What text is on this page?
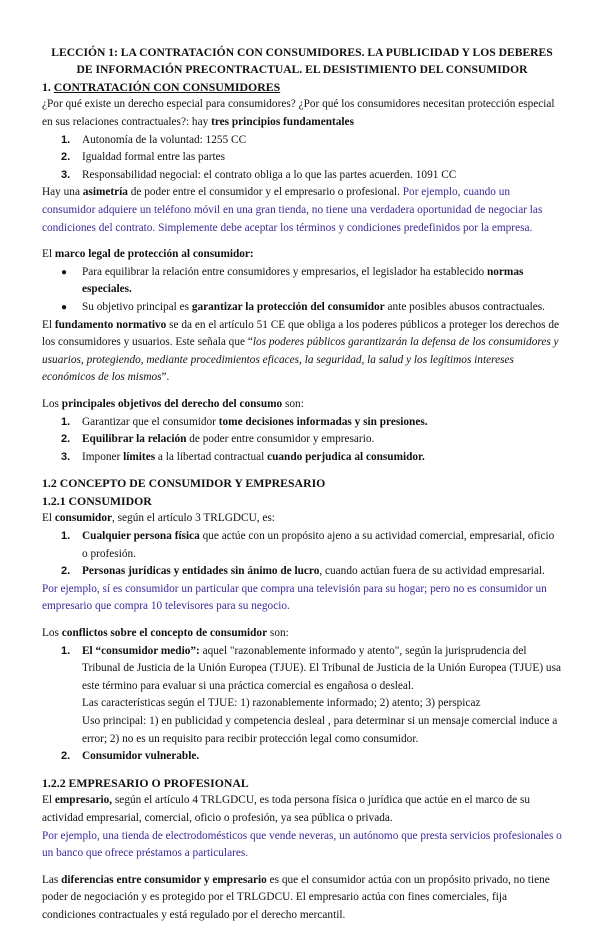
LECCIÓN 1: LA CONTRATACIÓN CON CONSUMIDORES. LA PUBLICIDAD Y LOS DEBERES DE INFORMACIÓN PRECONTRACTUAL. EL DESISTIMIENTO DEL CONSUMIDOR
1. CONTRATACIÓN CON CONSUMIDORES
¿Por qué existe un derecho especial para consumidores? ¿Por qué los consumidores necesitan protección especial en sus relaciones contractuales?: hay tres principios fundamentales
1. Autonomía de la voluntad: 1255 CC
2. Igualdad formal entre las partes
3. Responsabilidad negocial: el contrato obliga a lo que las partes acuerden. 1091 CC
Hay una asimetría de poder entre el consumidor y el empresario o profesional. Por ejemplo, cuando un consumidor adquiere un teléfono móvil en una gran tienda, no tiene una verdadera oportunidad de negociar las condiciones del contrato. Simplemente debe aceptar los términos y condiciones predefinidos por la empresa.
El marco legal de protección al consumidor:
● Para equilibrar la relación entre consumidores y empresarios, el legislador ha establecido normas especiales.
● Su objetivo principal es garantizar la protección del consumidor ante posibles abusos contractuales.
El fundamento normativo se da en el artículo 51 CE que obliga a los poderes públicos a proteger los derechos de los consumidores y usuarios. Este señala que “los poderes públicos garantizarán la defensa de los consumidores y usuarios, protegiendo, mediante procedimientos eficaces, la seguridad, la salud y los legítimos intereses económicos de los mismos”.
Los principales objetivos del derecho del consumo son:
1. Garantizar que el consumidor tome decisiones informadas y sin presiones.
2. Equilibrar la relación de poder entre consumidor y empresario.
3. Imponer límites a la libertad contractual cuando perjudica al consumidor.
1.2 CONCEPTO DE CONSUMIDOR Y EMPRESARIO
1.2.1 CONSUMIDOR
El consumidor, según el artículo 3 TRLGDCU, es:
1. Cualquier persona física que actúe con un propósito ajeno a su actividad comercial, empresarial, oficio o profesión.
2. Personas jurídicas y entidades sin ánimo de lucro, cuando actúan fuera de su actividad empresarial.
Por ejemplo, sí es consumidor un particular que compra una televisión para su hogar; pero no es consumidor un empresario que compra 10 televisores para su negocio.
Los conflictos sobre el concepto de consumidor son:
1. El “consumidor medio”: aquel "razonablemente informado y atento", según la jurisprudencia del Tribunal de Justicia de la Unión Europea (TJUE). El Tribunal de Justicia de la Unión Europea (TJUE) usa este término para evaluar si una práctica comercial es engañosa o desleal.
Las características según el TJUE: 1) razonablemente informado; 2) atento; 3) perspicaz
Uso principal: 1) en publicidad y competencia desleal , para determinar si un mensaje comercial induce a error; 2) no es un requisito para recibir protección legal como consumidor.
2. Consumidor vulnerable.
1.2.2 EMPRESARIO O PROFESIONAL
El empresario, según el artículo 4 TRLGDCU, es toda persona física o jurídica que actúe en el marco de su actividad empresarial, comercial, oficio o profesión, ya sea pública o privada.
Por ejemplo, una tienda de electrodomésticos que vende neveras, un autónomo que presta servicios profesionales o un banco que ofrece préstamos a particulares.
Las diferencias entre consumidor y empresario es que el consumidor actúa con un propósito privado, no tiene poder de negociación y es protegido por el TRLGDCU. El empresario actúa con fines comerciales, fija condiciones contractuales y está regulado por el derecho mercantil.
